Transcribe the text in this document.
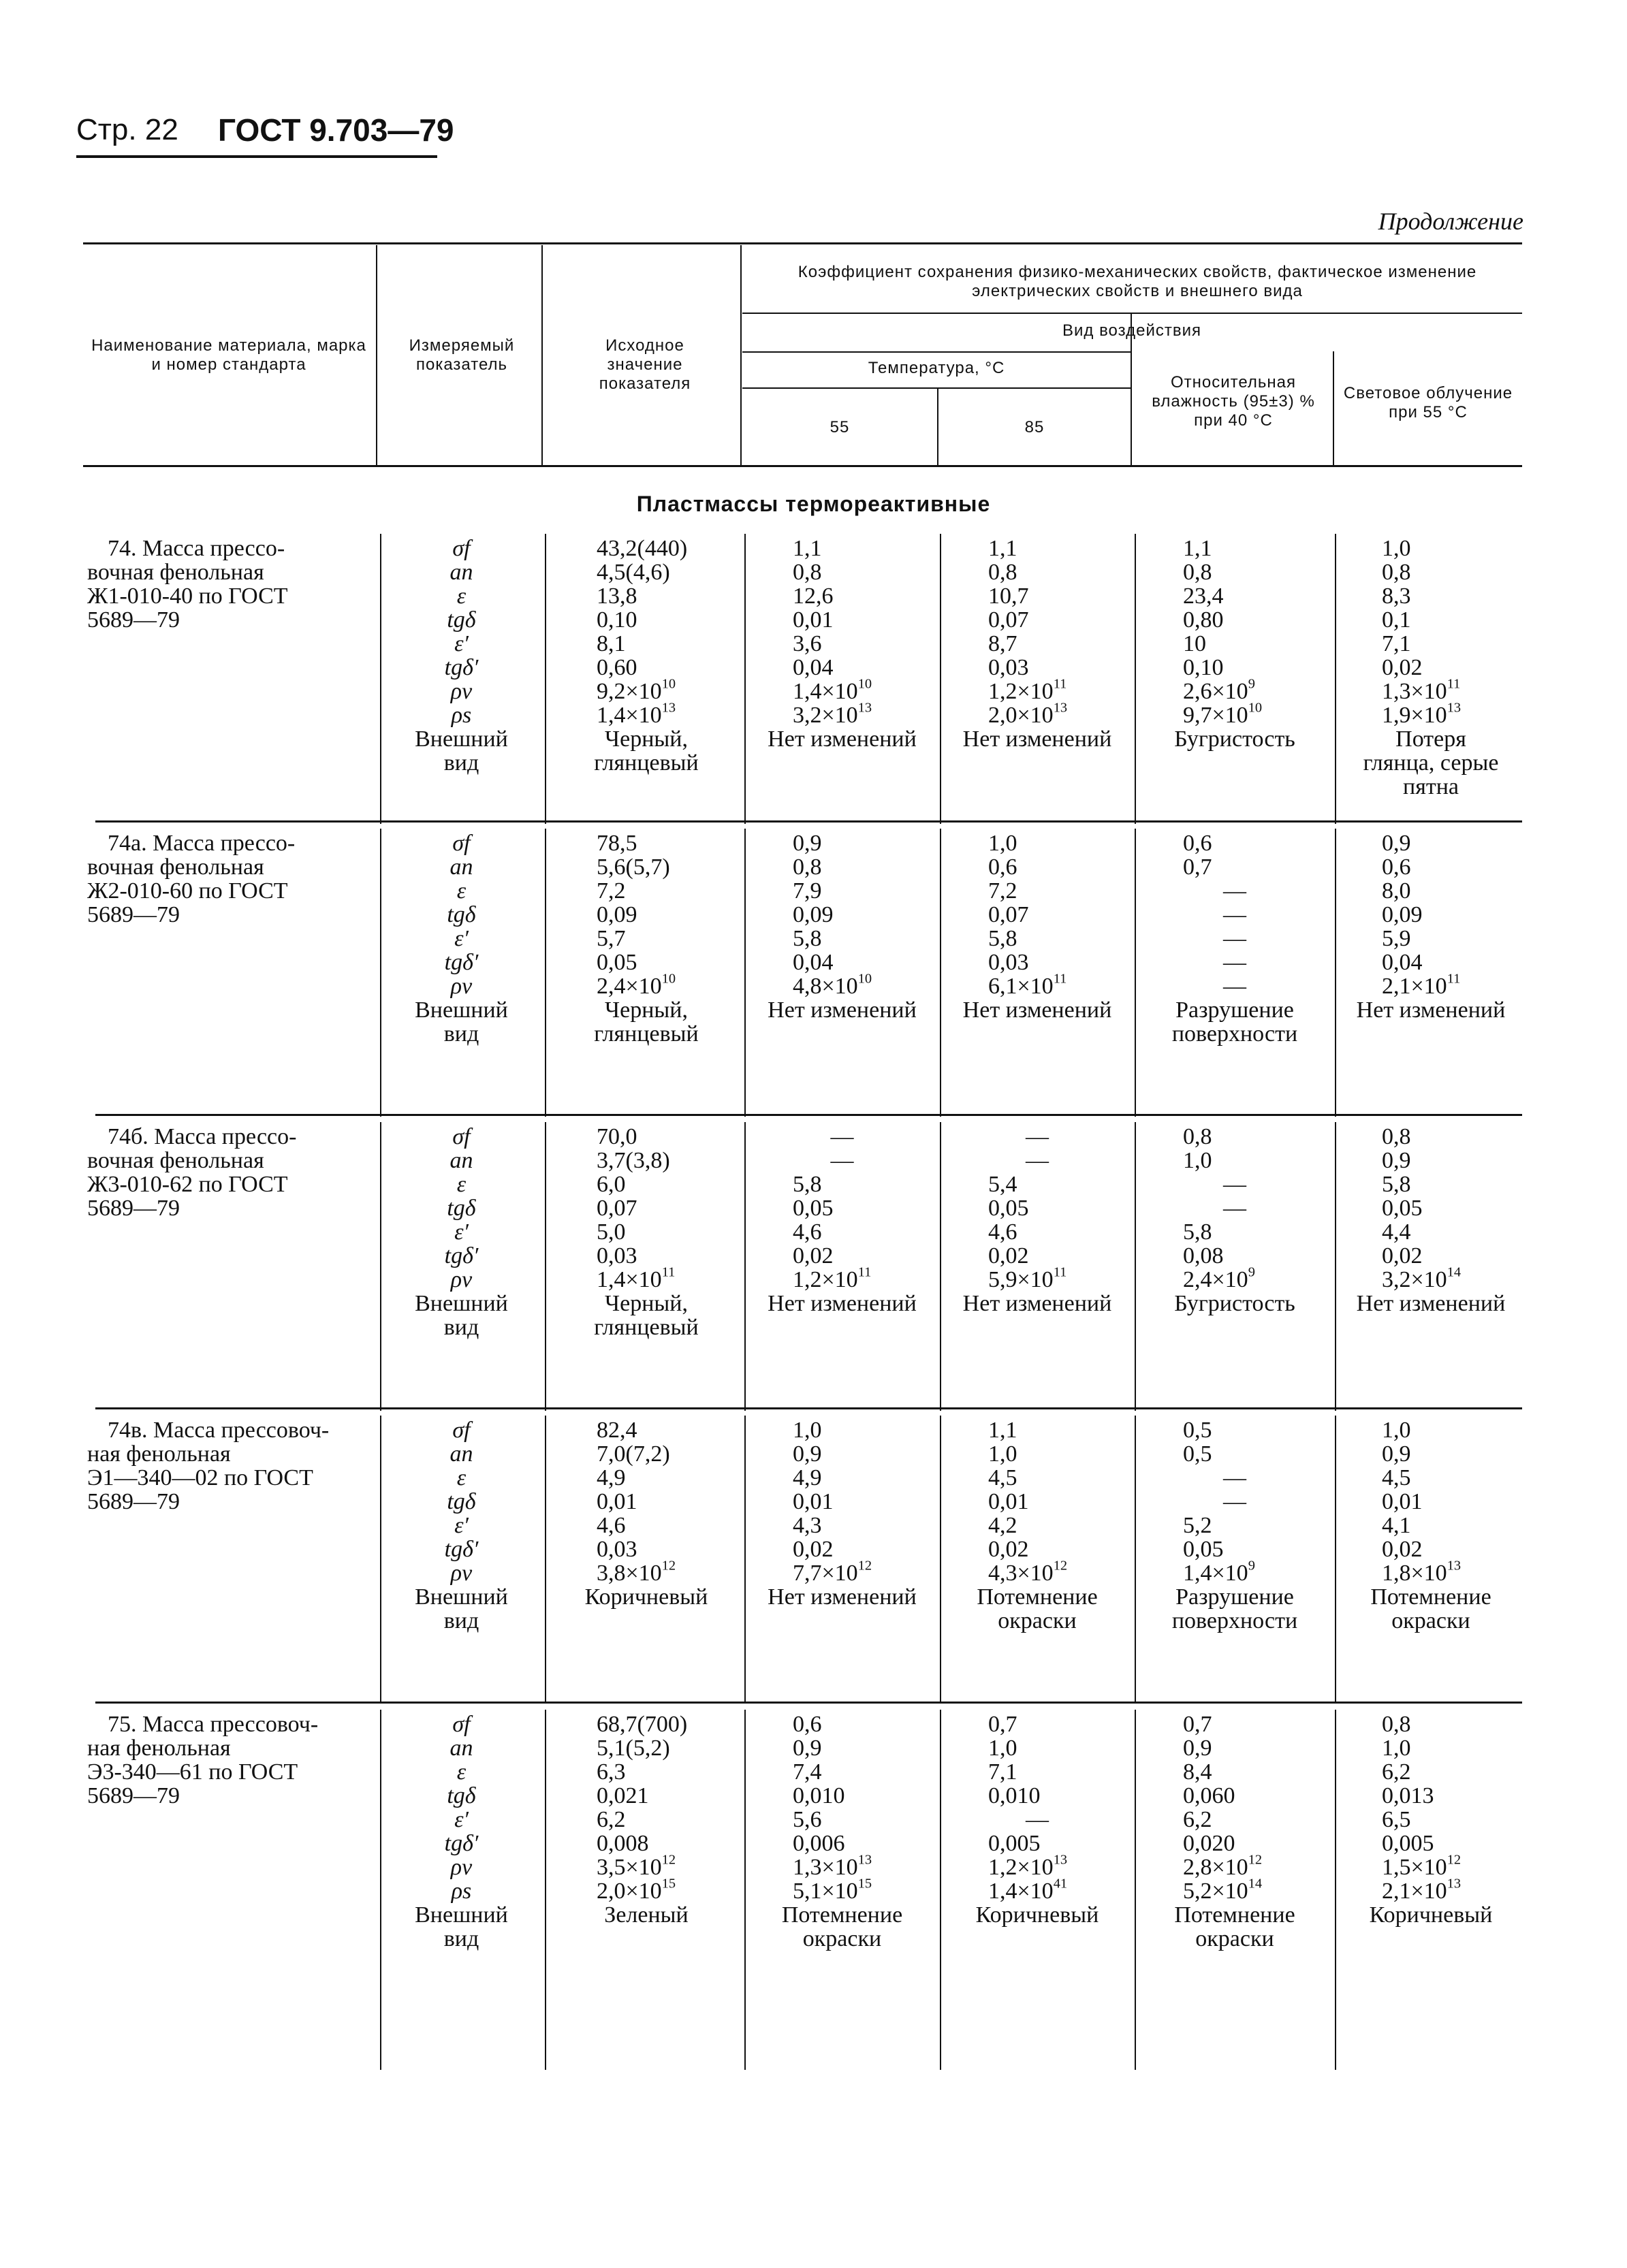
Стр. 22 ГОСТ 9.703—79
Продолжение
Наименование материала, марка и номер стандарта
Измеряемый показатель
Исходное значение показателя
Коэффициент сохранения физико-механических свойств, фактическое изменение электрических свойств и внешнего вида
Вид воздействия
Температура, °С
55	85
Относительная влажность (95±3) % при 40 °С
Световое облучение при 55 °С
Пластмассы термореактивные
74. Масса прессо-
вочная фенольная
Ж1-010-40 по ГОСТ
5689—79
σf
an
ε
tgδ
ε′
tgδ′
ρv
ρs
Внешний
вид
43,2(440)
4,5(4,6)
13,8
0,10
8,1
0,60
$9,2\times 10^{10}$
$1,4\times 10^{13}$
Черный,
глянцевый
1,1
0,8
12,6
0,01
3,6
0,04
$1,4\times 10^{10}$
$3,2\times 10^{13}$
Нет изменений
1,1
0,8
10,7
0,07
8,7
0,03
$1,2\times 10^{11}$
$2,0\times 10^{13}$
Нет изменений
1,1
0,8
23,4
0,80
10
0,10
$2,6\times 10^9$
$9,7\times 10^{10}$
Бугристость
1,0
0,8
8,3
0,1
7,1
0,02
$1,3\times 10^{11}$
$1,9\times 10^{13}$
Потеря
глянца, серые
пятна
74а. Масса прессо-
вочная фенольная
Ж2-010-60 по ГОСТ
5689—79
σf
an
ε
tgδ
ε′
tgδ′
ρv
Внешний
вид
78,5
5,6(5,7)
7,2
0,09
5,7
0,05
$2,4\times 10^{10}$
Черный,
глянцевый
0,9
0,8
7,9
0,09
5,8
0,04
$4,8\times 10^{10}$
Нет изменений
1,0
0,6
7,2
0,07
5,8
0,03
$6,1\times 10^{11}$
Нет изменений
0,6
0,7
—
—
—
—
—
Разрушение
поверхности
0,9
0,6
8,0
0,09
5,9
0,04
$2,1\times 10^{11}$
Нет изменений
74б. Масса прессо-
вочная фенольная
Ж3-010-62 по ГОСТ
5689—79
σf
an
ε
tgδ
ε′
tgδ′
ρv
Внешний
вид
70,0
3,7(3,8)
6,0
0,07
5,0
0,03
$1,4\times 10^{11}$
Черный,
глянцевый
—
—
5,8
0,05
4,6
0,02
$1,2\times 10^{11}$
Нет изменений
—
—
5,4
0,05
4,6
0,02
$5,9\times 10^{11}$
Нет изменений
0,8
1,0
—
—
5,8
0,08
$2,4\times 10^9$
Бугристость
0,8
0,9
5,8
0,05
4,4
0,02
$3,2\times 10^{14}$
Нет изменений
74в. Масса прессовоч-
ная фенольная
Э1—340—02 по ГОСТ
5689—79
σf
an
ε
tgδ
ε′
tgδ′
ρv
Внешний
вид
82,4
7,0(7,2)
4,9
0,01
4,6
0,03
$3,8\times 10^{12}$
Коричневый
1,0
0,9
4,9
0,01
4,3
0,02
$7,7\times 10^{12}$
Нет изменений
1,1
1,0
4,5
0,01
4,2
0,02
$4,3\times 10^{12}$
Потемнение
окраски
0,5
0,5
—
—
5,2
0,05
$1,4\times 10^9$
Разрушение
поверхности
1,0
0,9
4,5
0,01
4,1
0,02
$1,8\times 10^{13}$
Потемнение
окраски
75. Масса прессовоч-
ная фенольная
Э3-340—61 по ГОСТ
5689—79
σf
an
ε
tgδ
ε′
tgδ′
ρv
ρs
Внешний
вид
68,7(700)
5,1(5,2)
6,3
0,021
6,2
0,008
$3,5\times 10^{12}$
$2,0\times 10^{15}$
Зеленый
0,6
0,9
7,4
0,010
5,6
0,006
$1,3\times 10^{13}$
$5,1\times 10^{15}$
Потемнение
окраски
0,7
1,0
7,1
0,010
—
0,005
$1,2\times 10^{13}$
$1,4\times 10^{41}$
Коричневый
0,7
0,9
8,4
0,060
6,2
0,020
$2,8\times 10^{12}$
$5,2\times 10^{14}$
Потемнение
окраски
0,8
1,0
6,2
0,013
6,5
0,005
$1,5\times 10^{12}$
$2,1\times 10^{13}$
Коричневый
